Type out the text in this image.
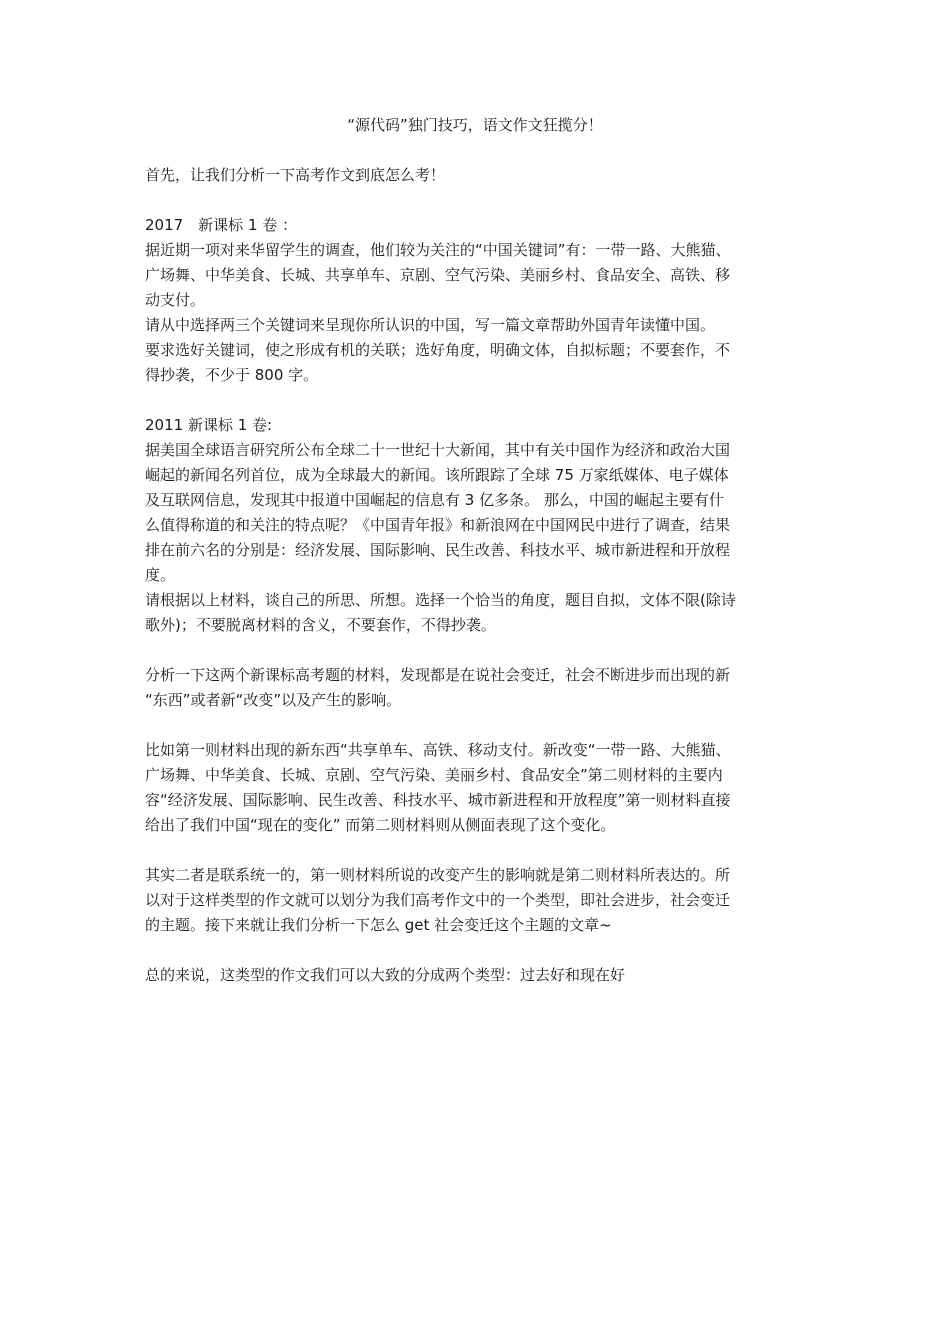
“源代码”独门技巧，语文作文狂揽分！
首先，让我们分析一下高考作文到底怎么考！
2017　新课标 1 卷 ：
据近期一项对来华留学生的调查，他们较为关注的“中国关键词”有：一带一路、大熊猫、
广场舞、中华美食、长城、共享单车、京剧、空气污染、美丽乡村、食品安全、高铁、移
动支付。
请从中选择两三个关键词来呈现你所认识的中国，写一篇文章帮助外国青年读懂中国。
要求选好关键词，使之形成有机的关联；选好角度，明确文体，自拟标题；不要套作，不
得抄袭，不少于 800 字。
2011 新课标 1 卷:
据美国全球语言研究所公布全球二十一世纪十大新闻，其中有关中国作为经济和政治大国
崛起的新闻名列首位，成为全球最大的新闻。该所跟踪了全球 75 万家纸媒体、电子媒体
及互联网信息，发现其中报道中国崛起的信息有 3 亿多条。 那么，中国的崛起主要有什
么值得称道的和关注的特点呢？《中国青年报》和新浪网在中国网民中进行了调查，结果
排在前六名的分别是：经济发展、国际影响、民生改善、科技水平、城市新进程和开放程
度。
请根据以上材料，谈自己的所思、所想。选择一个恰当的角度，题目自拟，文体不限(除诗
歌外)；不要脱离材料的含义，不要套作，不得抄袭。
分析一下这两个新课标高考题的材料，发现都是在说社会变迁，社会不断进步而出现的新
“东西”或者新“改变”以及产生的影响。
比如第一则材料出现的新东西“共享单车、高铁、移动支付。新改变“一带一路、大熊猫、
广场舞、中华美食、长城、京剧、空气污染、美丽乡村、食品安全”第二则材料的主要内
容“经济发展、国际影响、民生改善、科技水平、城市新进程和开放程度”第一则材料直接
给出了我们中国“现在的变化” 而第二则材料则从侧面表现了这个变化。
其实二者是联系统一的，第一则材料所说的改变产生的影响就是第二则材料所表达的。所
以对于这样类型的作文就可以划分为我们高考作文中的一个类型，即社会进步，社会变迁
的主题。接下来就让我们分析一下怎么 get 社会变迁这个主题的文章~
总的来说，这类型的作文我们可以大致的分成两个类型：过去好和现在好
